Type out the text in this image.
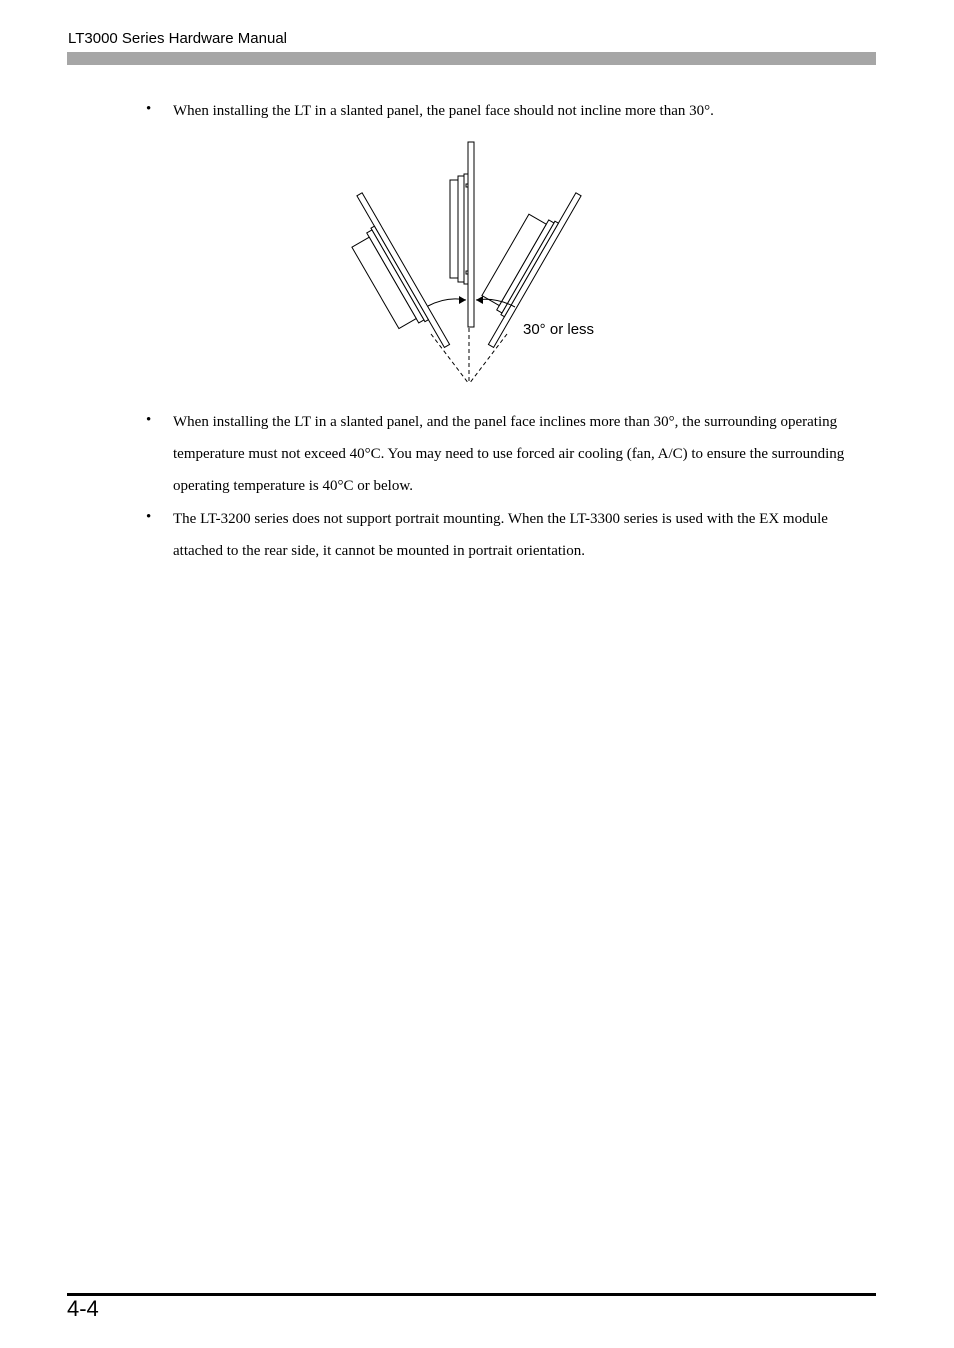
LT3000 Series Hardware Manual
• When installing the LT in a slanted panel, the panel face should not incline more than 30°.
30° or less
• When installing the LT in a slanted panel, and the panel face inclines more than 30°, the surrounding operating temperature must not exceed 40°C. You may need to use forced air cooling (fan, A/C) to ensure the surrounding operating temperature is 40°C or below.
• The LT-3200 series does not support portrait mounting. When the LT-3300 series is used with the EX module attached to the rear side, it cannot be mounted in portrait orientation.
4-4
